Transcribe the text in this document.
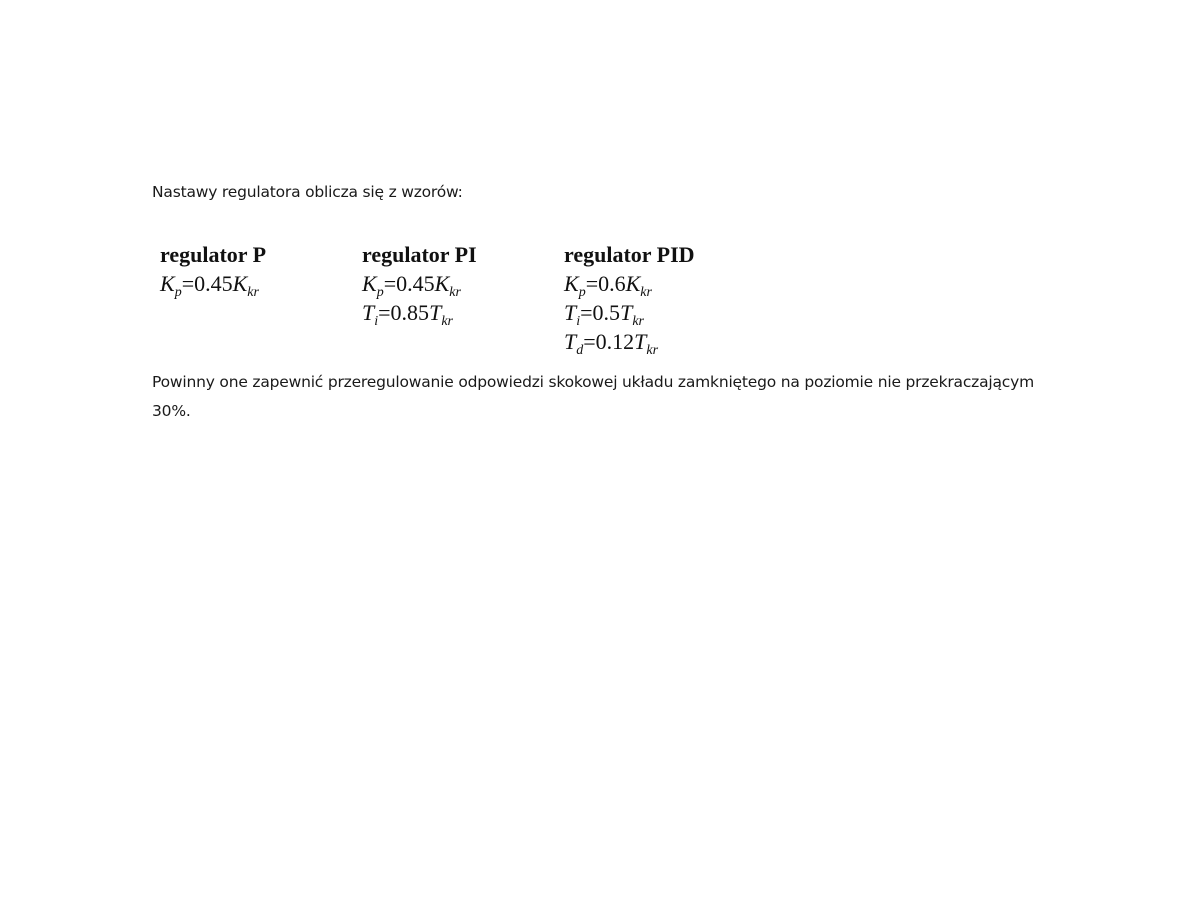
Nastawy regulatora oblicza się z wzorów:
regulator P
$K_p=0.45K_{kr}$
regulator PI
$K_p=0.45K_{kr}$
$T_i=0.85T_{kr}$
regulator PID
$K_p=0.6K_{kr}$
$T_i=0.5T_{kr}$
$T_d=0.12T_{kr}$
Powinny one zapewnić przeregulowanie odpowiedzi skokowej układu zamkniętego na poziomie nie przekraczającym 30%.
